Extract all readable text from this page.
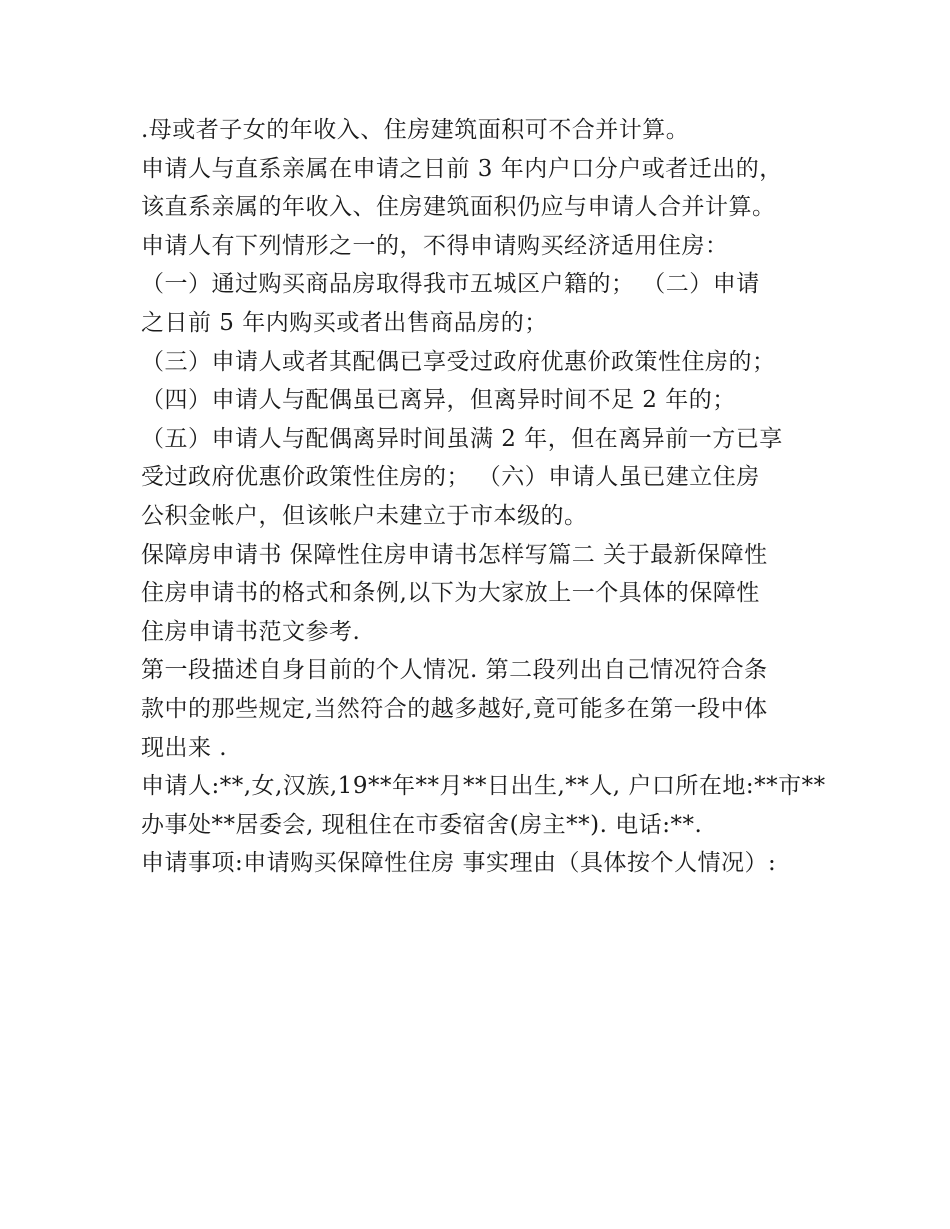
.母或者子女的年收入、住房建筑面积可不合并计算。
申请人与直系亲属在申请之日前 3 年内户口分户或者迁出的，
该直系亲属的年收入、住房建筑面积仍应与申请人合并计算。
申请人有下列情形之一的，不得申请购买经济适用住房：
（一）通过购买商品房取得我市五城区户籍的； （二）申请
之日前 5 年内购买或者出售商品房的；
（三）申请人或者其配偶已享受过政府优惠价政策性住房的；
（四）申请人与配偶虽已离异，但离异时间不足 2 年的；
（五）申请人与配偶离异时间虽满 2 年，但在离异前一方已享
受过政府优惠价政策性住房的； （六）申请人虽已建立住房
公积金帐户，但该帐户未建立于市本级的。
保障房申请书 保障性住房申请书怎样写篇二 关于最新保障性
住房申请书的格式和条例,以下为大家放上一个具体的保障性
住房申请书范文参考.
第一段描述自身目前的个人情况. 第二段列出自己情况符合条
款中的那些规定,当然符合的越多越好,竟可能多在第一段中体
现出来 .
申请人:**,女,汉族,19**年**月**日出生,**人, 户口所在地:**市**
办事处**居委会, 现租住在市委宿舍(房主**). 电话:**.
申请事项:申请购买保障性住房 事实理由（具体按个人情况）:
